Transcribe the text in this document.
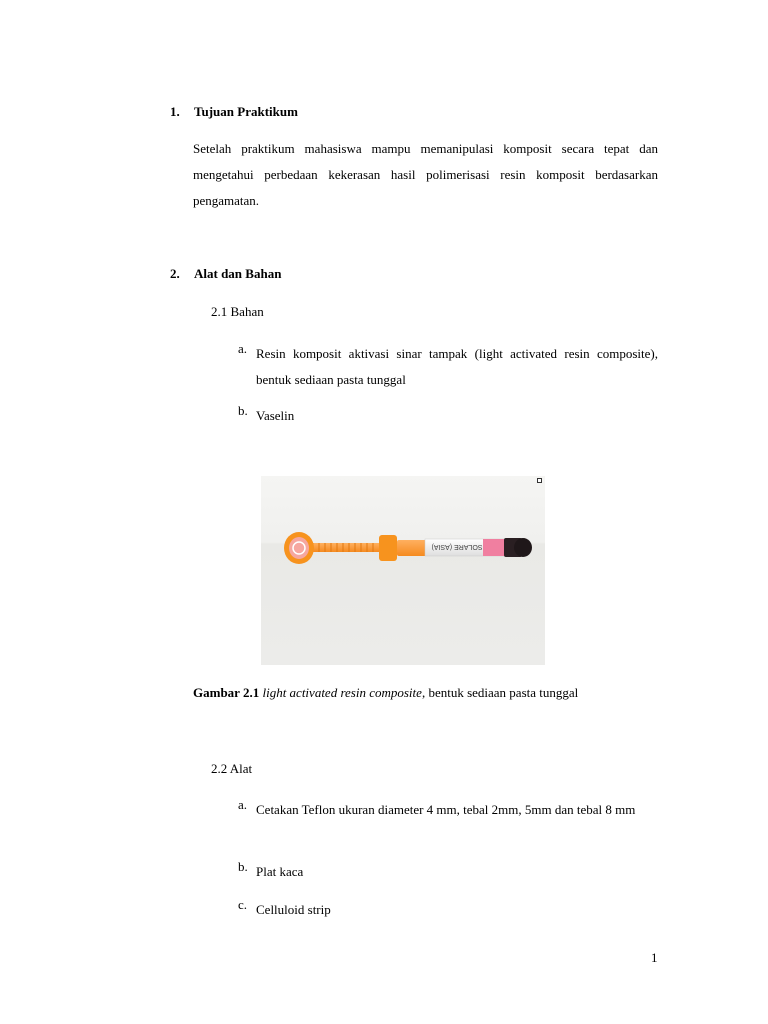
1. Tujuan Praktikum

Setelah praktikum mahasiswa mampu memanipulasi komposit secara tepat dan mengetahui perbedaan kekerasan hasil polimerisasi resin komposit berdasarkan pengamatan.

2. Alat dan Bahan
2.1 Bahan
a. Resin komposit aktivasi sinar tampak (light activated resin composite), bentuk sediaan pasta tunggal
b. Vaselin
SOLARE (ASIA)
Gambar 2.1 light activated resin composite, bentuk sediaan pasta tunggal
2.2 Alat
a. Cetakan Teflon ukuran diameter 4 mm, tebal 2mm, 5mm dan tebal 8 mm
b. Plat kaca
c. Celluloid strip
1
